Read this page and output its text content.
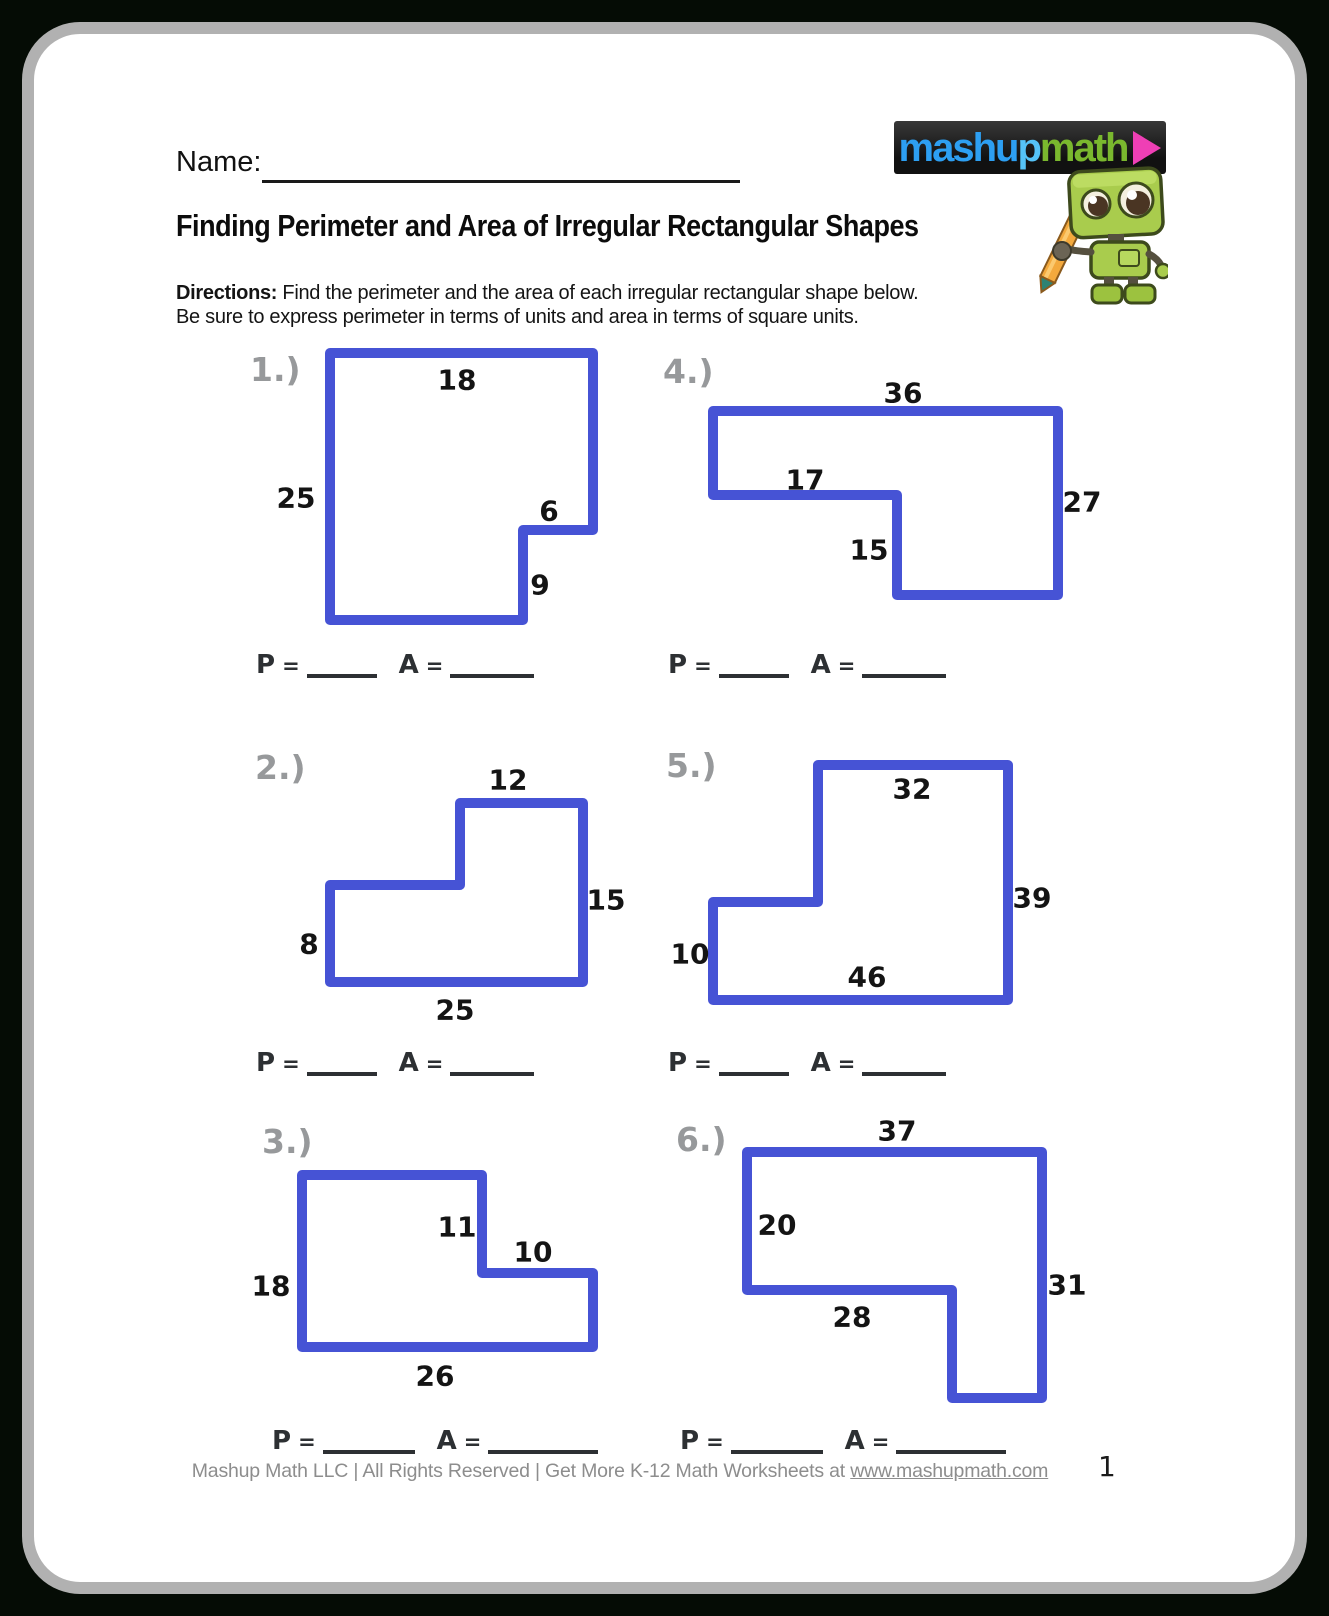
Name:	mashu p math
Finding Perimeter and Area of Irregular Rectangular Shapes
Directions: Find the perimeter and the area of each irregular rectangular shape below.
Be sure to express perimeter in terms of units and area in terms of square units.
1.)	18
25	6
9
P =	A =
2.)	12
15
8
25
P =	A =
3.)
11
10
18
26
P =	A =
4.)
36
17
27
15
P =	A =
5.)
32
39
10
46
P =	A =
6.)	37
20
31
28
P =	A =
Mashup Math LLC | All Rights Reserved | Get More K-12 Math Worksheets at www.mashupmath.com	1
